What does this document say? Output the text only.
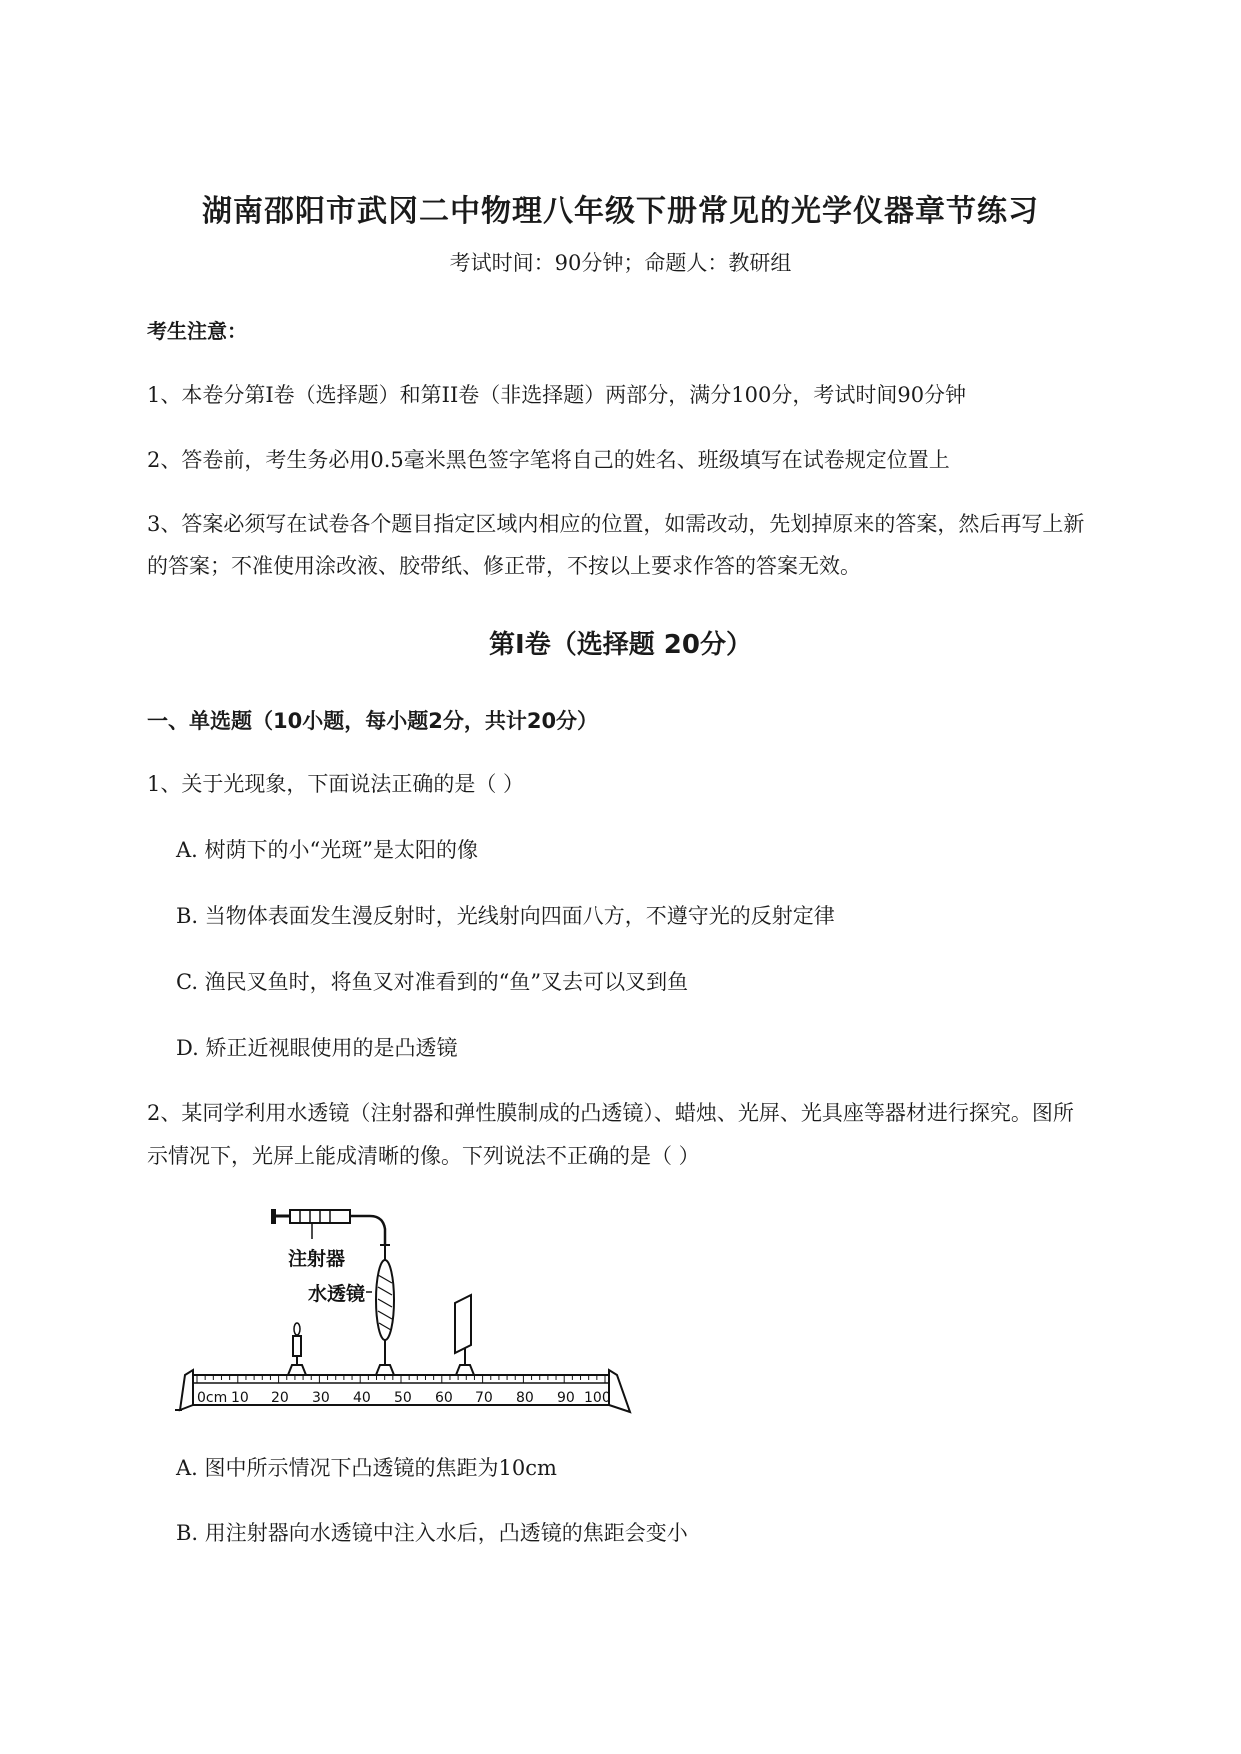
湖南邵阳市武冈二中物理八年级下册常见的光学仪器章节练习
考试时间：90分钟；命题人：教研组
考生注意：
1、本卷分第I卷（选择题）和第II卷（非选择题）两部分，满分100分，考试时间90分钟
2、答卷前，考生务必用0.5毫米黑色签字笔将自己的姓名、班级填写在试卷规定位置上
3、答案必须写在试卷各个题目指定区域内相应的位置，如需改动，先划掉原来的答案，然后再写上新
的答案；不准使用涂改液、胶带纸、修正带，不按以上要求作答的答案无效。
第I卷（选择题 20分）
一、单选题（10小题，每小题2分，共计20分）
1、关于光现象，下面说法正确的是（ ）
A. 树荫下的小“光斑”是太阳的像
B. 当物体表面发生漫反射时，光线射向四面八方，不遵守光的反射定律
C. 渔民叉鱼时，将鱼叉对准看到的“鱼”叉去可以叉到鱼
D. 矫正近视眼使用的是凸透镜
2、某同学利用水透镜（注射器和弹性膜制成的凸透镜）、蜡烛、光屏、光具座等器材进行探究。图所
示情况下，光屏上能成清晰的像。下列说法不正确的是（ ）
注射器
水透镜
0cm 10 20 30 40 50 60 70 80 90 100
A. 图中所示情况下凸透镜的焦距为10cm
B. 用注射器向水透镜中注入水后，凸透镜的焦距会变小
